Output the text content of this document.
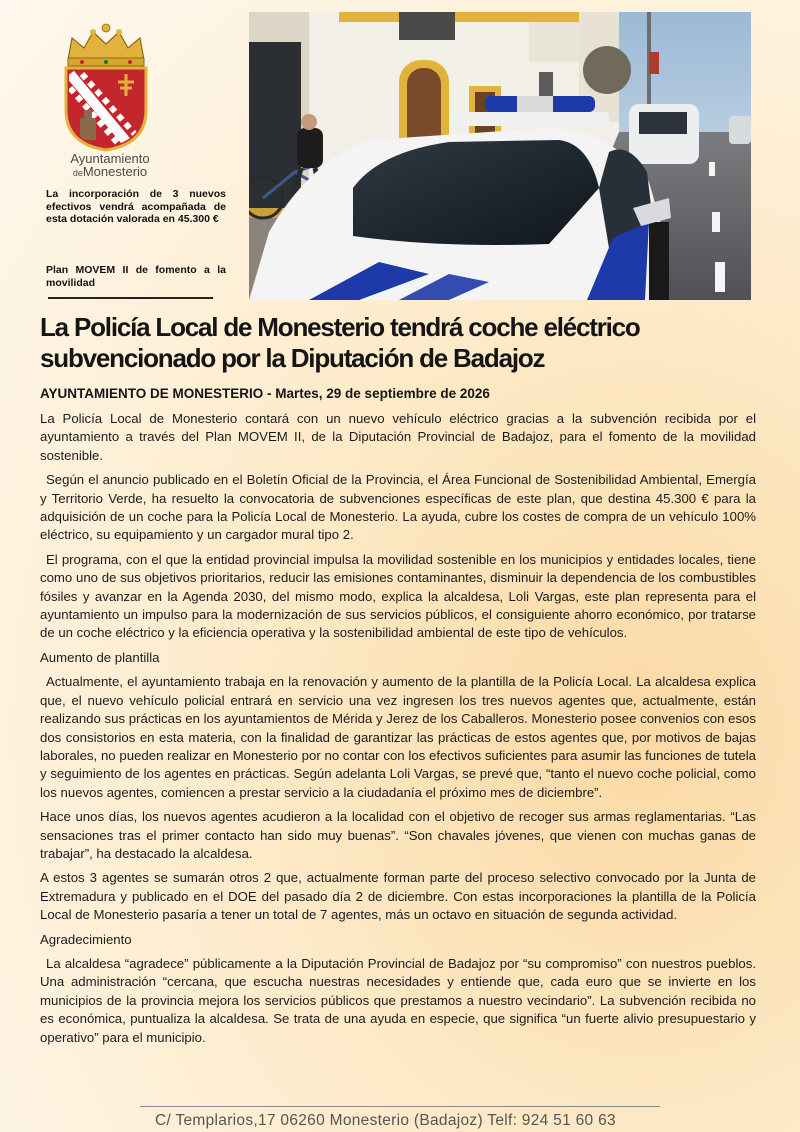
Ayuntamiento
deMonesterio
La incorporación de 3 nuevos efectivos vendrá acompañada de esta dotación valorada en 45.300 €
Plan MOVEM II de fomento a la movilidad
La Policía Local de Monesterio tendrá coche eléctrico subvencionado por la Diputación de Badajoz
AYUNTAMIENTO DE MONESTERIO - Martes, 29 de septiembre de 2026

La Policía Local de Monesterio contará con un nuevo vehículo eléctrico gracias a la subvención recibida por el ayuntamiento a través del Plan MOVEM II, de la Diputación Provincial de Badajoz, para el fomento de la movilidad sostenible.

Según el anuncio publicado en el Boletín Oficial de la Provincia, el Área Funcional de Sostenibilidad Ambiental, Emergía y Territorio Verde, ha resuelto la convocatoria de subvenciones específicas de este plan, que destina 45.300 € para la adquisición de un coche para la Policía Local de Monesterio. La ayuda, cubre los costes de compra de un vehículo 100% eléctrico, su equipamiento y un cargador mural tipo 2.

El programa, con el que la entidad provincial impulsa la movilidad sostenible en los municipios y entidades locales, tiene como uno de sus objetivos prioritarios, reducir las emisiones contaminantes, disminuir la dependencia de los combustibles fósiles y avanzar en la Agenda 2030, del mismo modo, explica la alcaldesa, Loli Vargas, este plan representa para el ayuntamiento un impulso para la modernización de sus servicios públicos, el consiguiente ahorro económico, por tratarse de un coche eléctrico y la eficiencia operativa y la sostenibilidad ambiental de este tipo de vehículos.

Aumento de plantilla

Actualmente, el ayuntamiento trabaja en la renovación y aumento de la plantilla de la Policía Local. La alcaldesa explica que, el nuevo vehículo policial entrará en servicio una vez ingresen los tres nuevos agentes que, actualmente, están realizando sus prácticas en los ayuntamientos de Mérida y Jerez de los Caballeros. Monesterio posee convenios con esos dos consistorios en esta materia, con la finalidad de garantizar las prácticas de estos agentes que, por motivos de bajas laborales, no pueden realizar en Monesterio por no contar con los efectivos suficientes para asumir las funciones de tutela y seguimiento de los agentes en prácticas. Según adelanta Loli Vargas, se prevé que, “tanto el nuevo coche policial, como los nuevos agentes, comiencen a prestar servicio a la ciudadanía el próximo mes de diciembre”.

Hace unos días, los nuevos agentes acudieron a la localidad con el objetivo de recoger sus armas reglamentarias. “Las sensaciones tras el primer contacto han sido muy buenas”. “Son chavales jóvenes, que vienen con muchas ganas de trabajar”, ha destacado la alcaldesa.

A estos 3 agentes se sumarán otros 2 que, actualmente forman parte del proceso selectivo convocado por la Junta de Extremadura y publicado en el DOE del pasado día 2 de diciembre. Con estas incorporaciones la plantilla de la Policía Local de Monesterio pasaría a tener un total de 7 agentes, más un octavo en situación de segunda actividad.

Agradecimiento

La alcaldesa “agradece” públicamente a la Diputación Provincial de Badajoz por “su compromiso” con nuestros pueblos. Una administración “cercana, que escucha nuestras necesidades y entiende que, cada euro que se invierte en los municipios de la provincia mejora los servicios públicos que prestamos a nuestro vecindario”. La subvención recibida no es económica, puntualiza la alcaldesa. Se trata de una ayuda en especie, que significa “un fuerte alivio presupuestario y operativo” para el municipio.

C/ Templarios,17 06260 Monesterio (Badajoz) Telf: 924 51 60 63
